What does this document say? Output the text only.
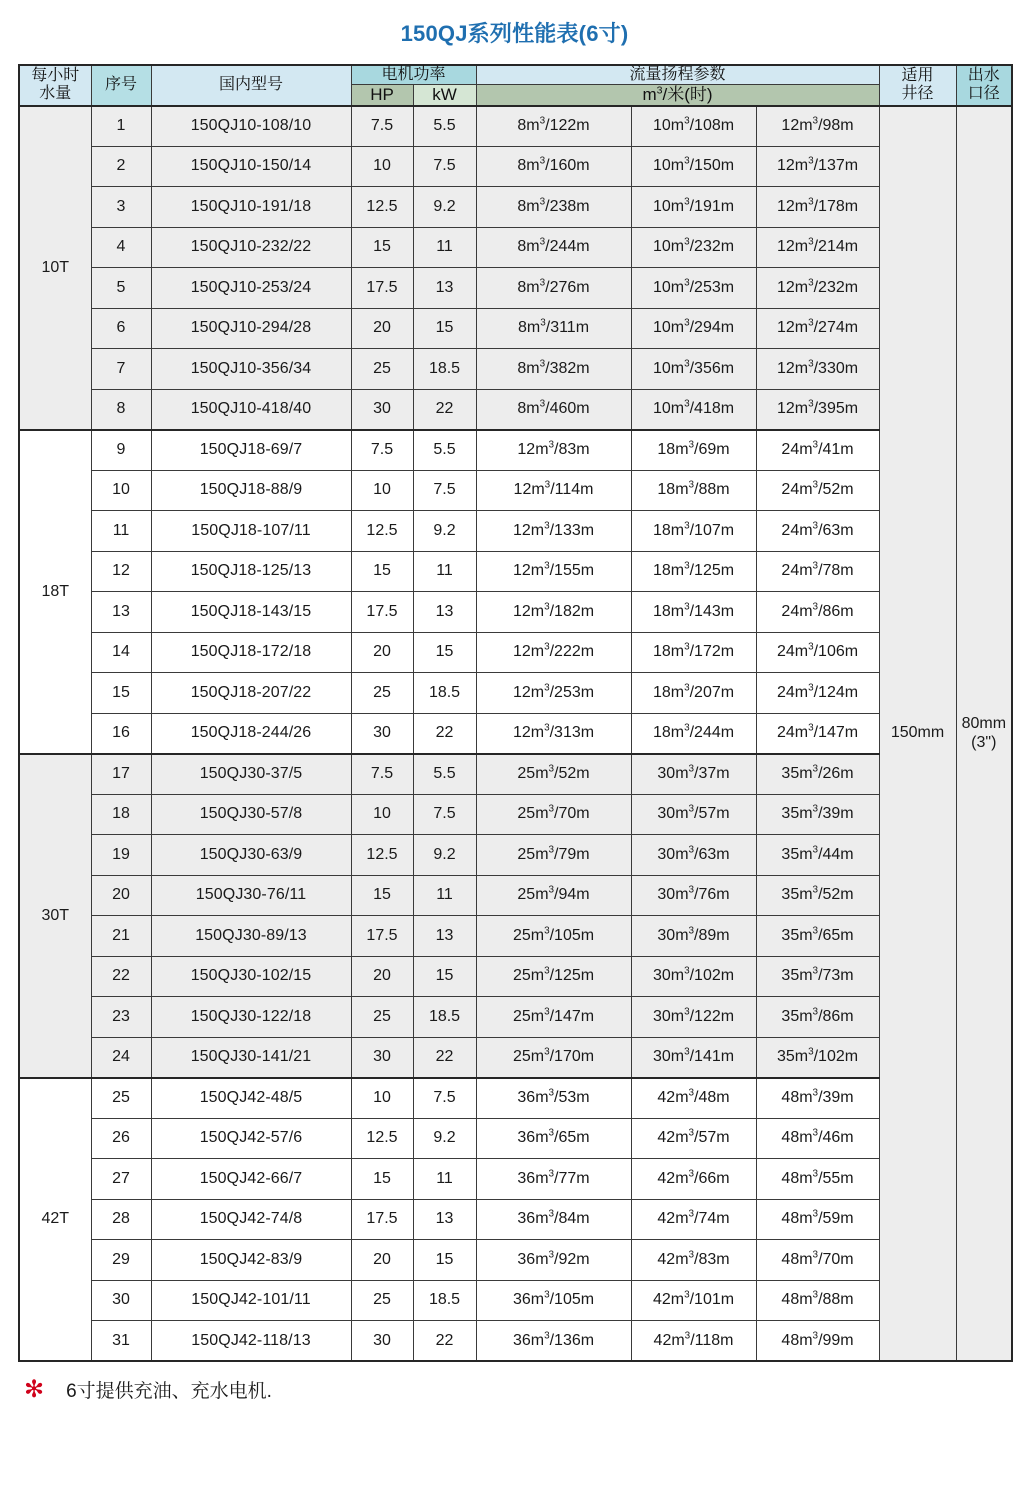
150QJ系列性能表(6寸)
每小时
水量
	序号	国内型号	电机功率	流量扬程参数	适用
井径

出水
口径

			HP	kW	$m^3/$米(时)				
10T	1	150QJ10-108/10	7.5	5.5	$8m^3/122m$	$10m^3/108m$	$12m^3/98m$	150mm	80mm
(3")

	2	150QJ10-150/14	10	7.5	$8m^3/160m$	$10m^3/150m$	$12m^3/137m$		
	3	150QJ10-191/18	12.5	9.2	$8m^3/238m$	$10m^3/191m$	$12m^3/178m$		
	4	150QJ10-232/22	15	11	$8m^3/244m$	$10m^3/232m$	$12m^3/214m$		
	5	150QJ10-253/24	17.5	13	$8m^3/276m$	$10m^3/253m$	$12m^3/232m$		
	6	150QJ10-294/28	20	15	$8m^3/311m$	$10m^3/294m$	$12m^3/274m$		
	7	150QJ10-356/34	25	18.5	$8m^3/382m$	$10m^3/356m$	$12m^3/330m$		
	8	150QJ10-418/40	30	22	$8m^3/460m$	$10m^3/418m$	$12m^3/395m$		
18T	9	150QJ18-69/7	7.5	5.5	$12m^3/83m$	$18m^3/69m$	$24m^3/41m$		
	10	150QJ18-88/9	10	7.5	$12m^3/114m$	$18m^3/88m$	$24m^3/52m$		
	11	150QJ18-107/11	12.5	9.2	$12m^3/133m$	$18m^3/107m$	$24m^3/63m$		
	12	150QJ18-125/13	15	11	$12m^3/155m$	$18m^3/125m$	$24m^3/78m$		
	13	150QJ18-143/15	17.5	13	$12m^3/182m$	$18m^3/143m$	$24m^3/86m$		
	14	150QJ18-172/18	20	15	$12m^3/222m$	$18m^3/172m$	$24m^3/106m$		
	15	150QJ18-207/22	25	18.5	$12m^3/253m$	$18m^3/207m$	$24m^3/124m$		
	16	150QJ18-244/26	30	22	$12m^3/313m$	$18m^3/244m$	$24m^3/147m$		
30T	17	150QJ30-37/5	7.5	5.5	$25m^3/52m$	$30m^3/37m$	$35m^3/26m$		
	18	150QJ30-57/8	10	7.5	$25m^3/70m$	$30m^3/57m$	$35m^3/39m$		
	19	150QJ30-63/9	12.5	9.2	$25m^3/79m$	$30m^3/63m$	$35m^3/44m$		
	20	150QJ30-76/11	15	11	$25m^3/94m$	$30m^3/76m$	$35m^3/52m$		
	21	150QJ30-89/13	17.5	13	$25m^3/105m$	$30m^3/89m$	$35m^3/65m$		
	22	150QJ30-102/15	20	15	$25m^3/125m$	$30m^3/102m$	$35m^3/73m$		
	23	150QJ30-122/18	25	18.5	$25m^3/147m$	$30m^3/122m$	$35m^3/86m$		
	24	150QJ30-141/21	30	22	$25m^3/170m$	$30m^3/141m$	$35m^3/102m$		
42T	25	150QJ42-48/5	10	7.5	$36m^3/53m$	$42m^3/48m$	$48m^3/39m$		
	26	150QJ42-57/6	12.5	9.2	$36m^3/65m$	$42m^3/57m$	$48m^3/46m$		
	27	150QJ42-66/7	15	11	$36m^3/77m$	$42m^3/66m$	$48m^3/55m$		
	28	150QJ42-74/8	17.5	13	$36m^3/84m$	$42m^3/74m$	$48m^3/59m$		
	29	150QJ42-83/9	20	15	$36m^3/92m$	$42m^3/83m$	$48m^3/70m$		
	30	150QJ42-101/11	25	18.5	$36m^3/105m$	$42m^3/101m$	$48m^3/88m$		
	31	150QJ42-118/13	30	22	$36m^3/136m$	$42m^3/118m$	$48m^3/99m$		
✻ 6寸提供充油、充水电机.
